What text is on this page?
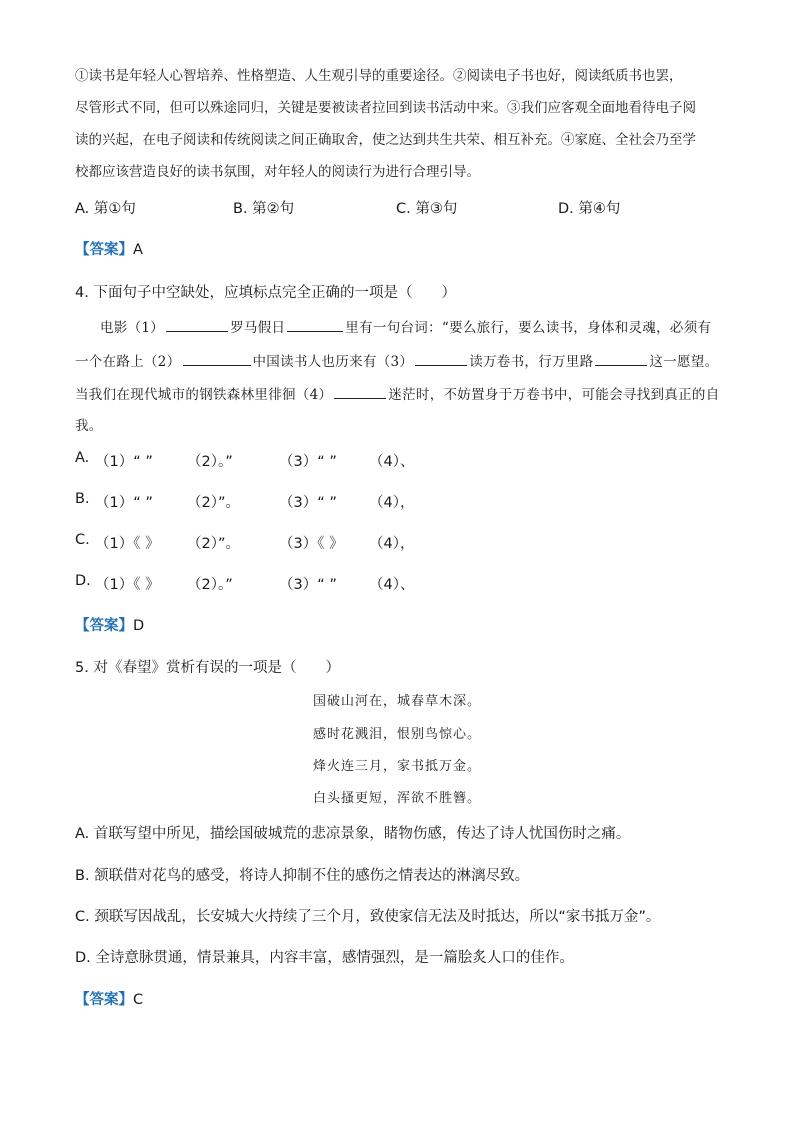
①读书是年轻人心智培养、性格塑造、人生观引导的重要途径。②阅读电子书也好，阅读纸质书也罢，

尽管形式不同，但可以殊途同归，关键是要被读者拉回到读书活动中来。③我们应客观全面地看待电子阅

读的兴起，在电子阅读和传统阅读之间正确取舍，使之达到共生共荣、相互补充。④家庭、全社会乃至学

校都应该营造良好的读书氛围，对年轻人的阅读行为进行合理引导。

A. 第①句	B. 第②句	C. 第③句	D. 第④句
【答案】A
4. 下面句子中空缺处，应填标点完全正确的一项是（　　）
电影（1）	罗马假日	里有一句台词：“要么旅行，要么读书，身体和灵魂，必须有
一个在路上（2）	中国读书人也历来有（3）	读万卷书，行万里路	这一愿望。
当我们在现代城市的钢铁森林里徘徊（4）	迷茫时，不妨置身于万卷书中，可能会寻找到真正的自
我。
A. （1）“ ” （2）。”	（3）“ ” （4）、
B. （1）“ ” （2）”。	（3）“ ” （4），
C. （1）《 》 （2）”。	（3）《 》 （4），
D. （1）《 》 （2）。”	（3）“ ” （4）、
【答案】D
5. 对《春望》赏析有误的一项是（　　）
国破山河在，城春草木深。
感时花溅泪，恨别鸟惊心。
烽火连三月，家书抵万金。
白头搔更短，浑欲不胜簪。
A. 首联写望中所见，描绘国破城荒的悲凉景象，睹物伤感，传达了诗人忧国伤时之痛。
B. 颔联借对花鸟的感受，将诗人抑制不住的感伤之情表达的淋漓尽致。
C. 颈联写因战乱，长安城大火持续了三个月，致使家信无法及时抵达，所以“家书抵万金”。
D. 全诗意脉贯通，情景兼具，内容丰富，感情强烈，是一篇脍炙人口的佳作。
【答案】C
